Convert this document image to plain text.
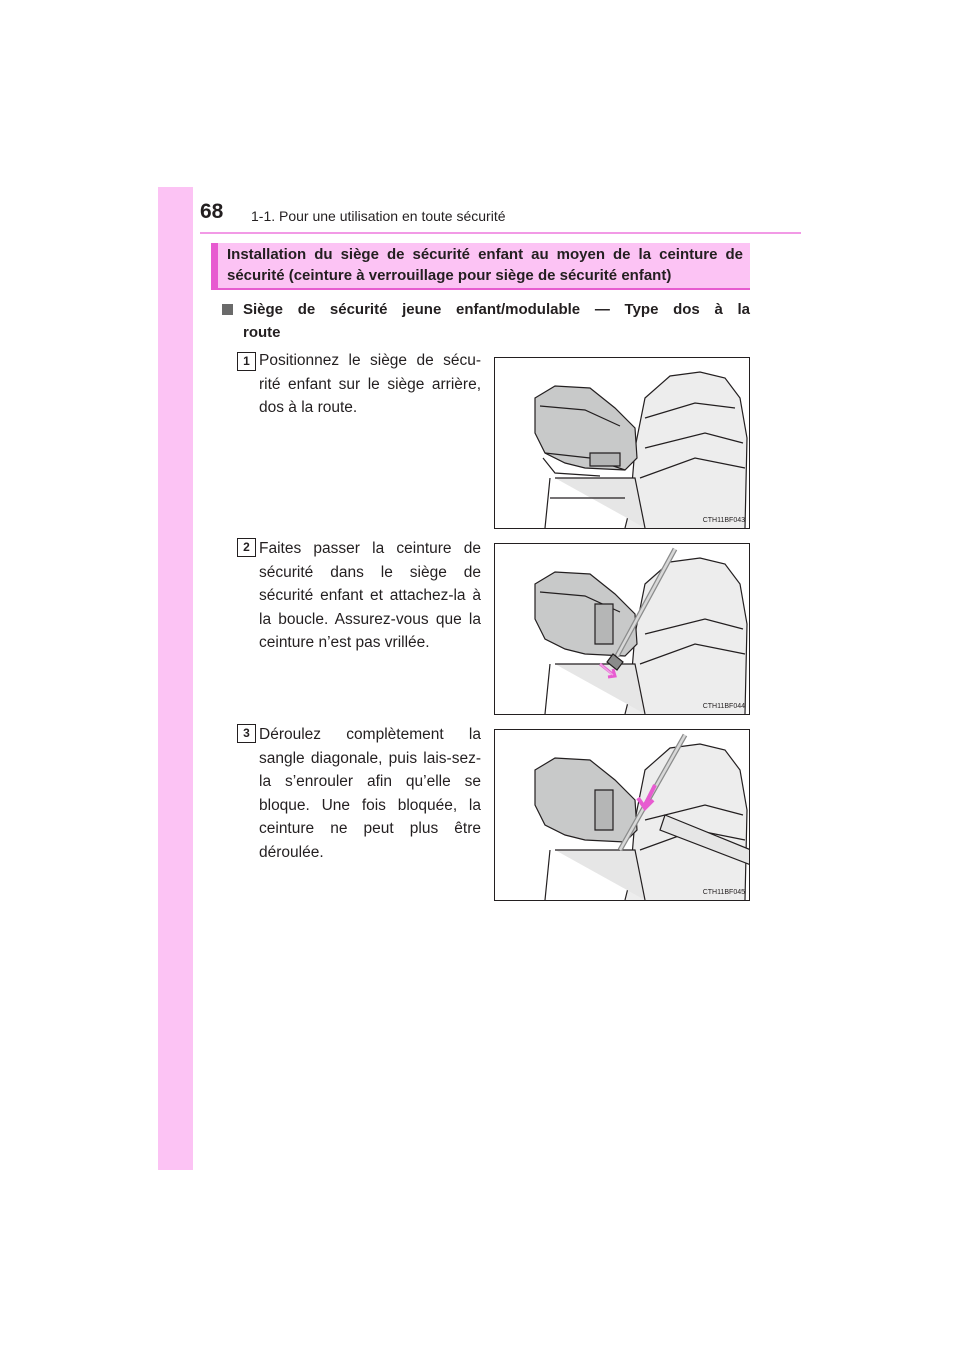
68 1-1. Pour une utilisation en toute sécurité
Installation du siège de sécurité enfant au moyen de la ceinture de
sécurité (ceinture à verrouillage pour siège de sécurité enfant)
Siège de sécurité jeune enfant/modulable — Type dos à la
route
1 Positionnez le siège de sécu-rité enfant sur le siège arrière, dos à la route.
CTH11BF043
2 Faites passer la ceinture de sécurité dans le siège de sécurité enfant et attachez-la à la boucle. Assurez-vous que la ceinture n’est pas vrillée.
CTH11BF044
3 Déroulez complètement la sangle diagonale, puis lais-sez-la s’enrouler afin qu’elle se bloque. Une fois bloquée, la ceinture ne peut plus être déroulée.
CTH11BF045
